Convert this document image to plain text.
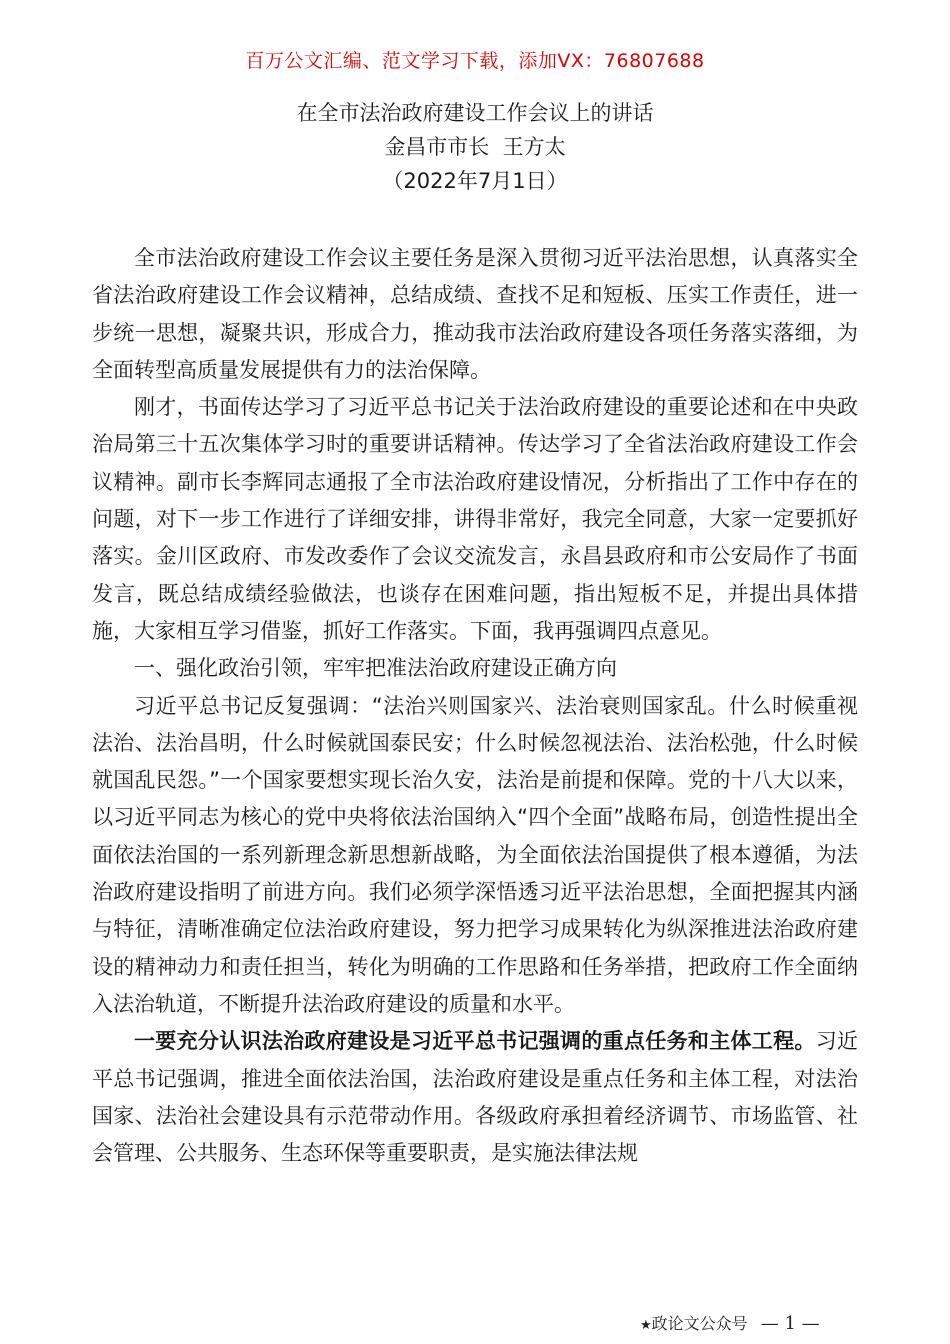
百万公文汇编、范文学习下载，添加VX：76807688
在全市法治政府建设工作会议上的讲话
金昌市市长  王方太
（2022年7月1日）

全市法治政府建设工作会议主要任务是深入贯彻习近平法治思想，认真落实全省法治政府建设工作会议精神，总结成绩、查找不足和短板、压实工作责任，进一步统一思想，凝聚共识，形成合力，推动我市法治政府建设各项任务落实落细，为全面转型高质量发展提供有力的法治保障。

刚才，书面传达学习了习近平总书记关于法治政府建设的重要论述和在中央政治局第三十五次集体学习时的重要讲话精神。传达学习了全省法治政府建设工作会议精神。副市长李辉同志通报了全市法治政府建设情况，分析指出了工作中存在的问题，对下一步工作进行了详细安排，讲得非常好，我完全同意，大家一定要抓好落实。金川区政府、市发改委作了会议交流发言，永昌县政府和市公安局作了书面发言，既总结成绩经验做法，也谈存在困难问题，指出短板不足，并提出具体措施，大家相互学习借鉴，抓好工作落实。下面，我再强调四点意见。

一、强化政治引领，牢牢把准法治政府建设正确方向

习近平总书记反复强调：“法治兴则国家兴、法治衰则国家乱。什么时候重视法治、法治昌明，什么时候就国泰民安；什么时候忽视法治、法治松弛，什么时候就国乱民怨。”一个国家要想实现长治久安，法治是前提和保障。党的十八大以来，以习近平同志为核心的党中央将依法治国纳入“四个全面”战略布局，创造性提出全面依法治国的一系列新理念新思想新战略，为全面依法治国提供了根本遵循，为法治政府建设指明了前进方向。我们必须学深悟透习近平法治思想，全面把握其内涵与特征，清晰准确定位法治政府建设，努力把学习成果转化为纵深推进法治政府建设的精神动力和责任担当，转化为明确的工作思路和任务举措，把政府工作全面纳入法治轨道，不断提升法治政府建设的质量和水平。

一要充分认识法治政府建设是习近平总书记强调的重点任务和主体工程。习近平总书记强调，推进全面依法治国，法治政府建设是重点任务和主体工程，对法治国家、法治社会建设具有示范带动作用。各级政府承担着经济调节、市场监管、社会管理、公共服务、生态环保等重要职责，是实施法律法规

★政论文公众号 — 1 —
